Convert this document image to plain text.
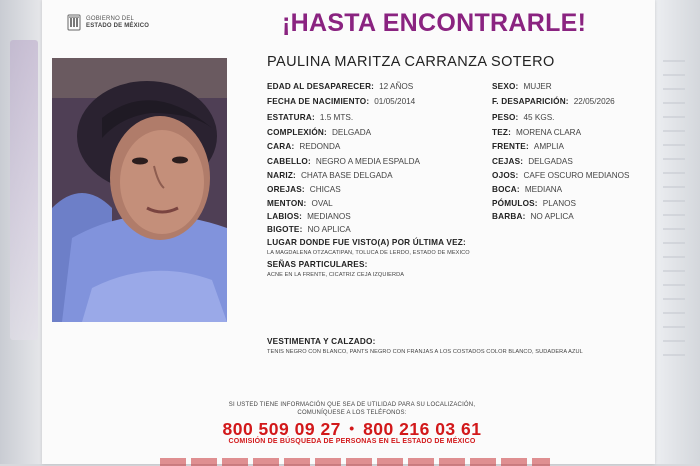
GOBIERNO DEL
ESTADO DE MÉXICO	¡HASTA ENCONTRARLE!
PAULINA MARITZA CARRANZA SOTERO
EDAD AL DESAPARECER: 12 AÑOS
FECHA DE NACIMIENTO: 01/05/2014
ESTATURA: 1.5 MTS.
COMPLEXIÓN: DELGADA
CARA: REDONDA
CABELLO: NEGRO A MEDIA ESPALDA
NARIZ: CHATA BASE DELGADA
OREJAS: CHICAS
MENTON: OVAL
LABIOS: MEDIANOS
BIGOTE: NO APLICA
SEXO: MUJER
F. DESAPARICIÓN: 22/05/2026
PESO: 45 KGS.
TEZ: MORENA CLARA
FRENTE: AMPLIA
CEJAS: DELGADAS
OJOS: CAFE OSCURO MEDIANOS
BOCA: MEDIANA
PÓMULOS: PLANOS
BARBA: NO APLICA
LUGAR DONDE FUE VISTO(A) POR ÚLTIMA VEZ:
LA MAGDALENA OTZACATIPAN, TOLUCA DE LERDO, ESTADO DE MEXICO
SEÑAS PARTICULARES:
ACNE EN LA FRENTE, CICATRIZ CEJA IZQUIERDA
VESTIMENTA Y CALZADO:
TENIS NEGRO CON BLANCO, PANTS NEGRO CON FRANJAS A LOS COSTADOS COLOR BLANCO, SUDADERA AZUL
SI USTED TIENE INFORMACIÓN QUE SEA DE UTILIDAD PARA SU LOCALIZACIÓN,
COMUNÍQUESE A LOS TELÉFONOS:
800 509 09 27 • 800 216 03 61
COMISIÓN DE BÚSQUEDA DE PERSONAS EN EL ESTADO DE MÉXICO
